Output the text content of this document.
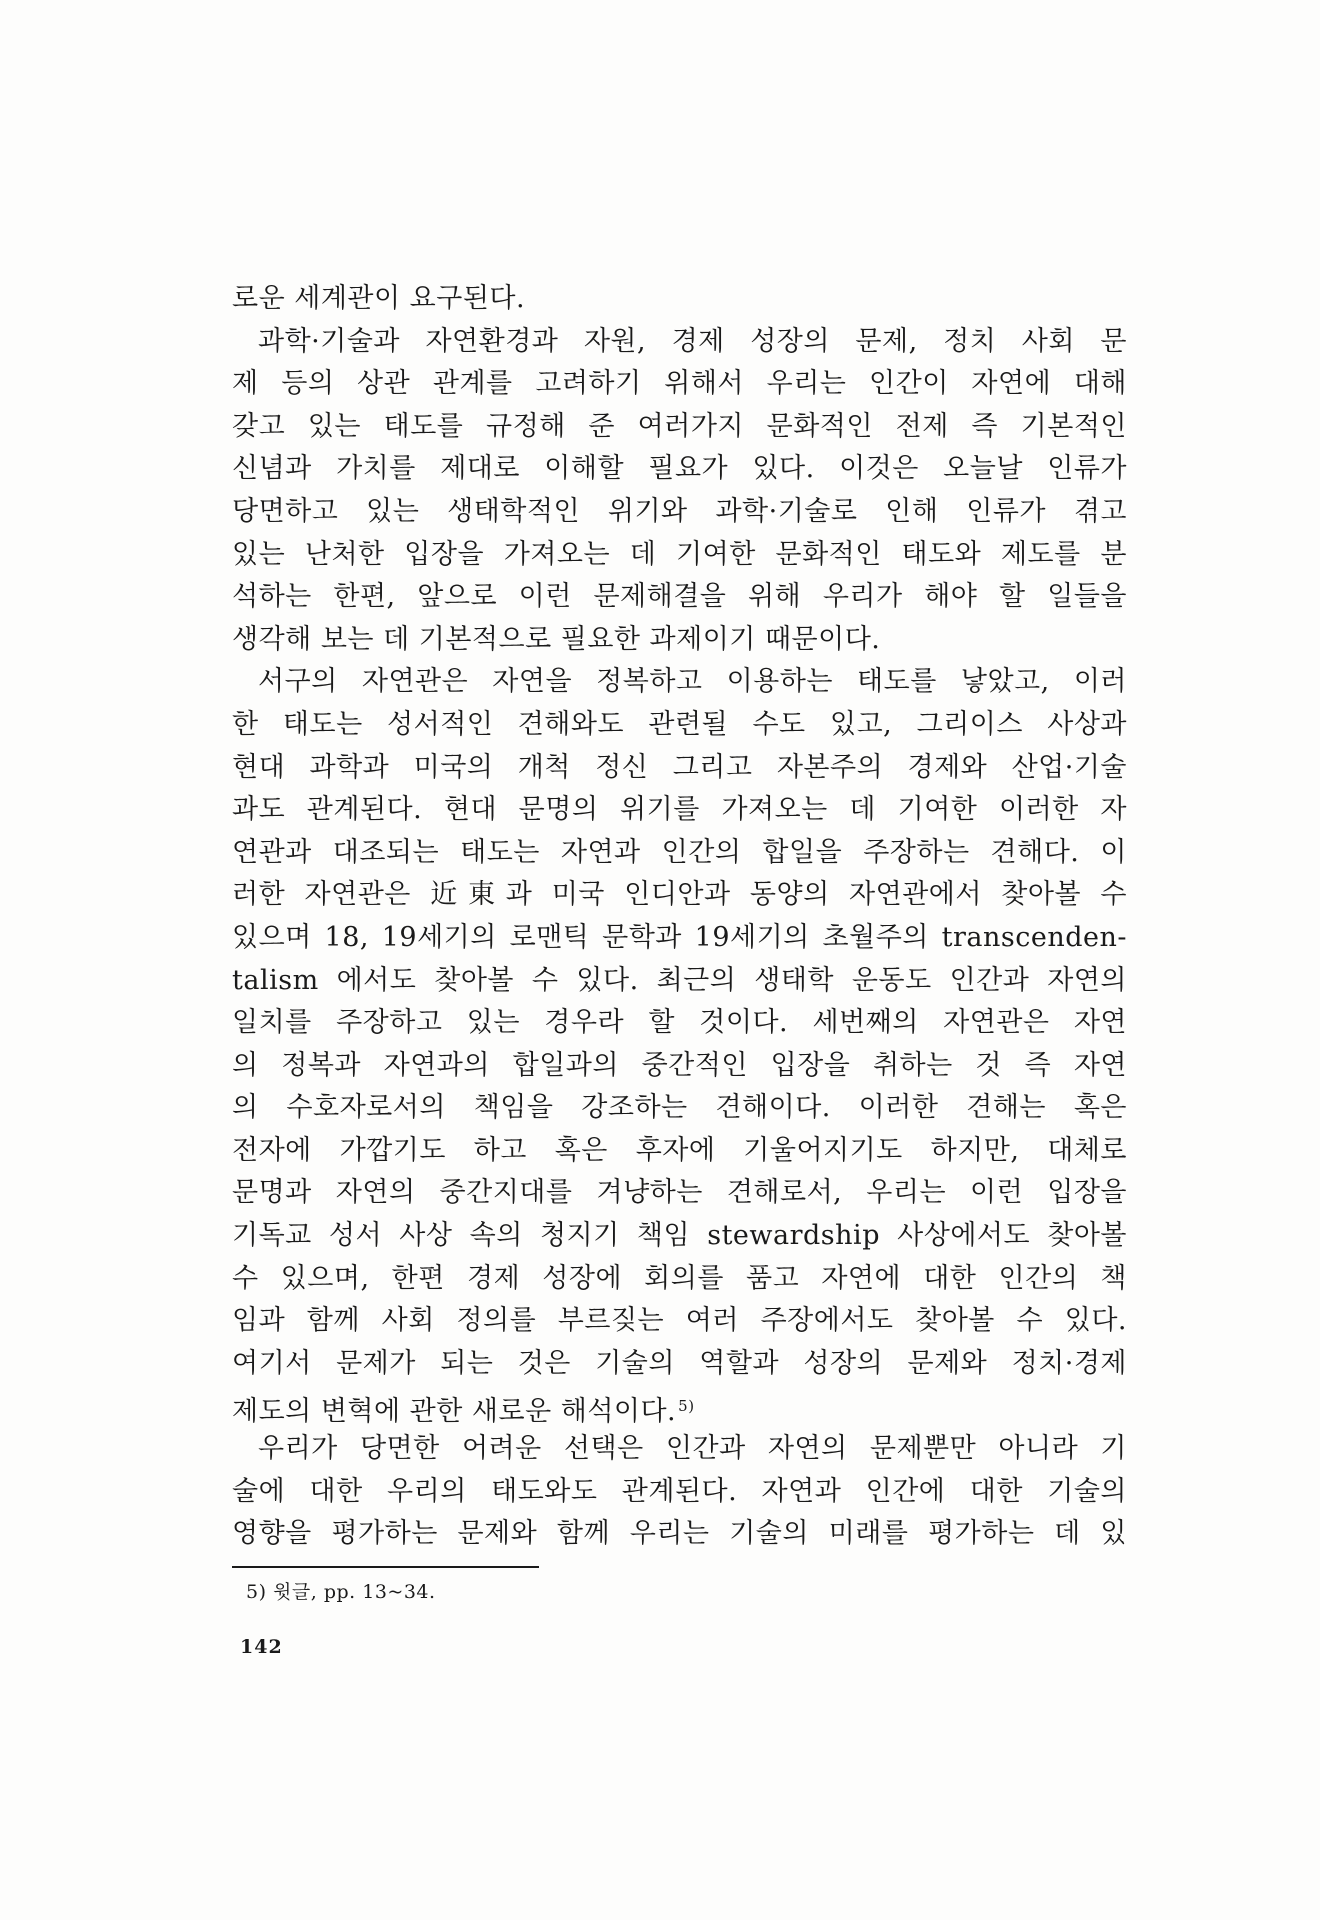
로운 세계관이 요구된다.
과학·기술과 자연환경과 자원, 경제 성장의 문제, 정치 사회 문
제 등의 상관 관계를 고려하기 위해서 우리는 인간이 자연에 대해
갖고 있는 태도를 규정해 준 여러가지 문화적인 전제 즉 기본적인
신념과 가치를 제대로 이해할 필요가 있다. 이것은 오늘날 인류가
당면하고 있는 생태학적인 위기와 과학·기술로 인해 인류가 겪고
있는 난처한 입장을 가져오는 데 기여한 문화적인 태도와 제도를 분
석하는 한편, 앞으로 이런 문제해결을 위해 우리가 해야 할 일들을
생각해 보는 데 기본적으로 필요한 과제이기 때문이다.
서구의 자연관은 자연을 정복하고 이용하는 태도를 낳았고, 이러
한 태도는 성서적인 견해와도 관련될 수도 있고, 그리이스 사상과
현대 과학과 미국의 개척 정신 그리고 자본주의 경제와 산업·기술
과도 관계된다. 현대 문명의 위기를 가져오는 데 기여한 이러한 자
연관과 대조되는 태도는 자연과 인간의 합일을 주장하는 견해다. 이
러한 자연관은 近東과 미국 인디안과 동양의 자연관에서 찾아볼 수
있으며 18, 19세기의 로맨틱 문학과 19세기의 초월주의 transcenden-
talism 에서도 찾아볼 수 있다. 최근의 생태학 운동도 인간과 자연의
일치를 주장하고 있는 경우라 할 것이다. 세번째의 자연관은 자연
의 정복과 자연과의 합일과의 중간적인 입장을 취하는 것 즉 자연
의 수호자로서의 책임을 강조하는 견해이다. 이러한 견해는 혹은
전자에 가깝기도 하고 혹은 후자에 기울어지기도 하지만, 대체로
문명과 자연의 중간지대를 겨냥하는 견해로서, 우리는 이런 입장을
기독교 성서 사상 속의 청지기 책임 stewardship 사상에서도 찾아볼
수 있으며, 한편 경제 성장에 회의를 품고 자연에 대한 인간의 책
임과 함께 사회 정의를 부르짖는 여러 주장에서도 찾아볼 수 있다.
여기서 문제가 되는 것은 기술의 역할과 성장의 문제와 정치·경제
제도의 변혁에 관한 새로운 해석이다. $^{5)}$
우리가 당면한 어려운 선택은 인간과 자연의 문제뿐만 아니라 기
술에 대한 우리의 태도와도 관계된다. 자연과 인간에 대한 기술의
영향을 평가하는 문제와 함께 우리는 기술의 미래를 평가하는 데 있
5) 윗글, pp. 13~34.
142
